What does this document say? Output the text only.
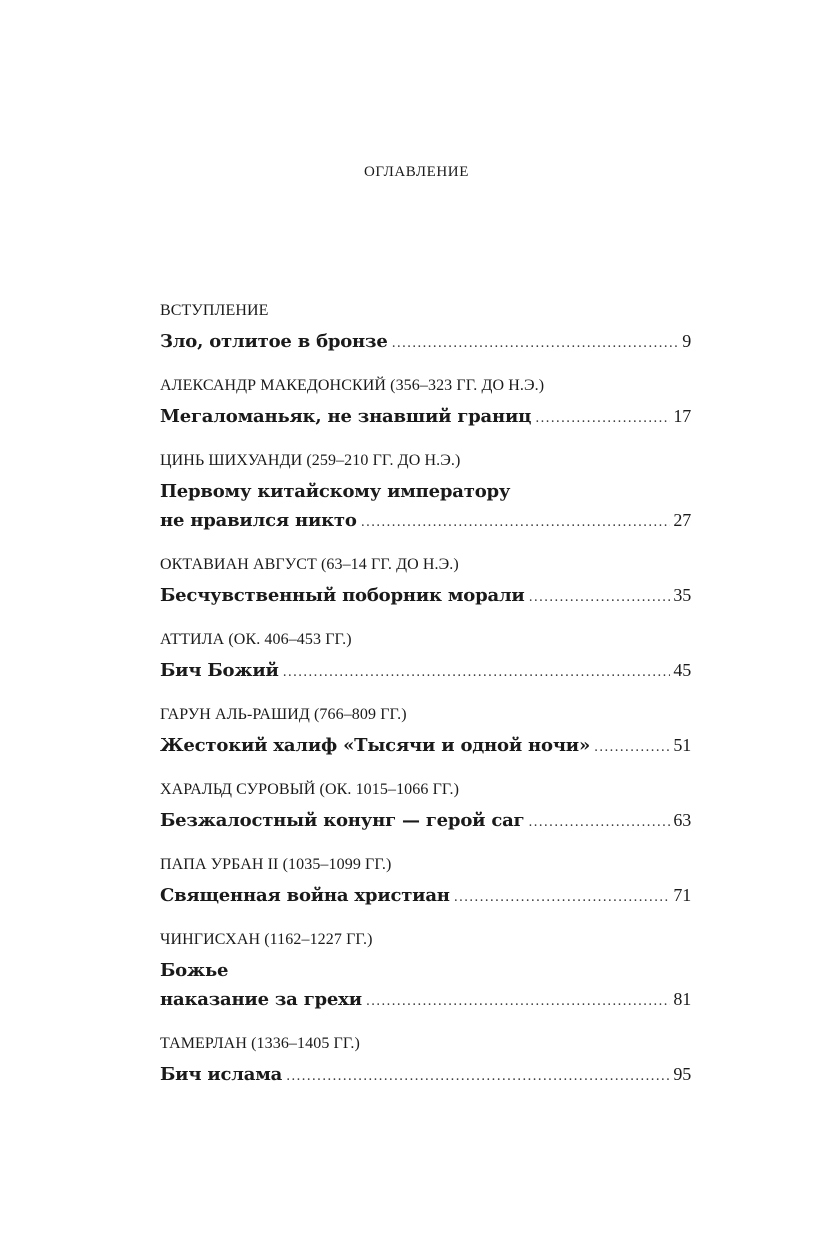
ОГЛАВЛЕНИЕ
ВСТУПЛЕНИЕ
Зло, отлитое в бронзе .....	9
АЛЕКСАНДР МАКЕДОНСКИЙ (356–323 ГГ. ДО Н.Э.)
Мегаломаньяк, не знавший границ .....	17
ЦИНЬ ШИХУАНДИ (259–210 ГГ. ДО Н.Э.)
Первому китайскому императору
не нравился никто .....	27
ОКТАВИАН АВГУСТ (63–14 ГГ. ДО Н.Э.)
Бесчувственный поборник морали .....	35
АТТИЛА (ОК. 406–453 ГГ.)
Бич Божий .....	45
ГАРУН АЛЬ-РАШИД (766–809 ГГ.)
Жестокий халиф «Тысячи и одной ночи» .....	51
ХАРАЛЬД СУРОВЫЙ (ОК. 1015–1066 ГГ.)
Безжалостный конунг — герой саг .....	63
ПАПА УРБАН II (1035–1099 ГГ.)
Священная война христиан .....	71
ЧИНГИСХАН (1162–1227 ГГ.)
Божье
наказание за грехи .....	81
ТАМЕРЛАН (1336–1405 ГГ.)
Бич ислама .....	95
